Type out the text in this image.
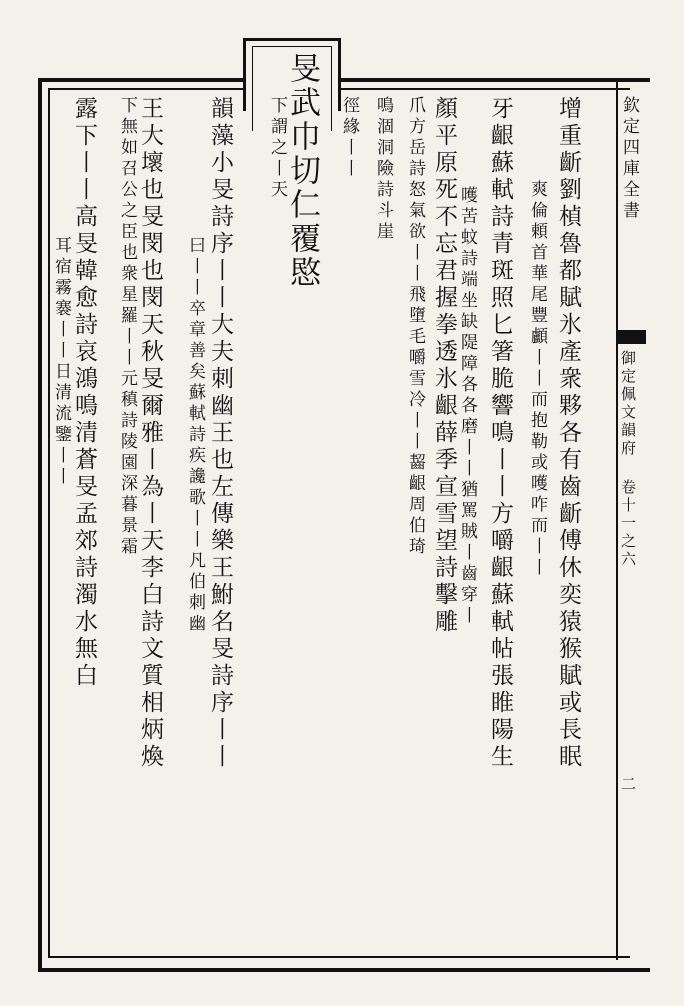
欽定四庫全書
御定佩文韻府 卷十一之六
二
增重齗劉楨魯都賦氷產衆夥各有齒齗傅休奕猿猴賦或長眠
爽倫頼首華尾豐顱丨丨而抱勒或嚄咋而丨丨
牙齦蘇軾詩青斑照匕箸脆響鳴丨丨方嚼齦蘇軾帖張睢陽生
嚄苦蚊詩端坐缺隄障各各磨丨丨猶罵賊丨齒穿丨
顏平原死不忘君握拳透氷齦薛季宣雪望詩擊雕
爪方岳詩怒氣欲丨丨飛墮毛嚼雪冷丨丨齧齦周伯琦
鳴涸洞險詩斗崖
徑緣丨丨
旻武巾切仁覆愍
下謂之丨天
韻藻小旻詩序丨丨大夫刺幽王也左傳樂王鮒名旻詩序丨丨
曰丨丨卒章善矣蘇軾詩疾讒歌丨丨凡伯刺幽
王大壞也旻閔也閔天秋旻爾雅丨為丨天李白詩文質相炳煥
下無如召公之臣也衆星羅丨丨元稹詩陵園深暮景霜
露下丨丨高旻韓愈詩哀鴻鳴清蒼旻孟郊詩濁水無白
耳宿霧褰丨丨日清流鑒丨丨
